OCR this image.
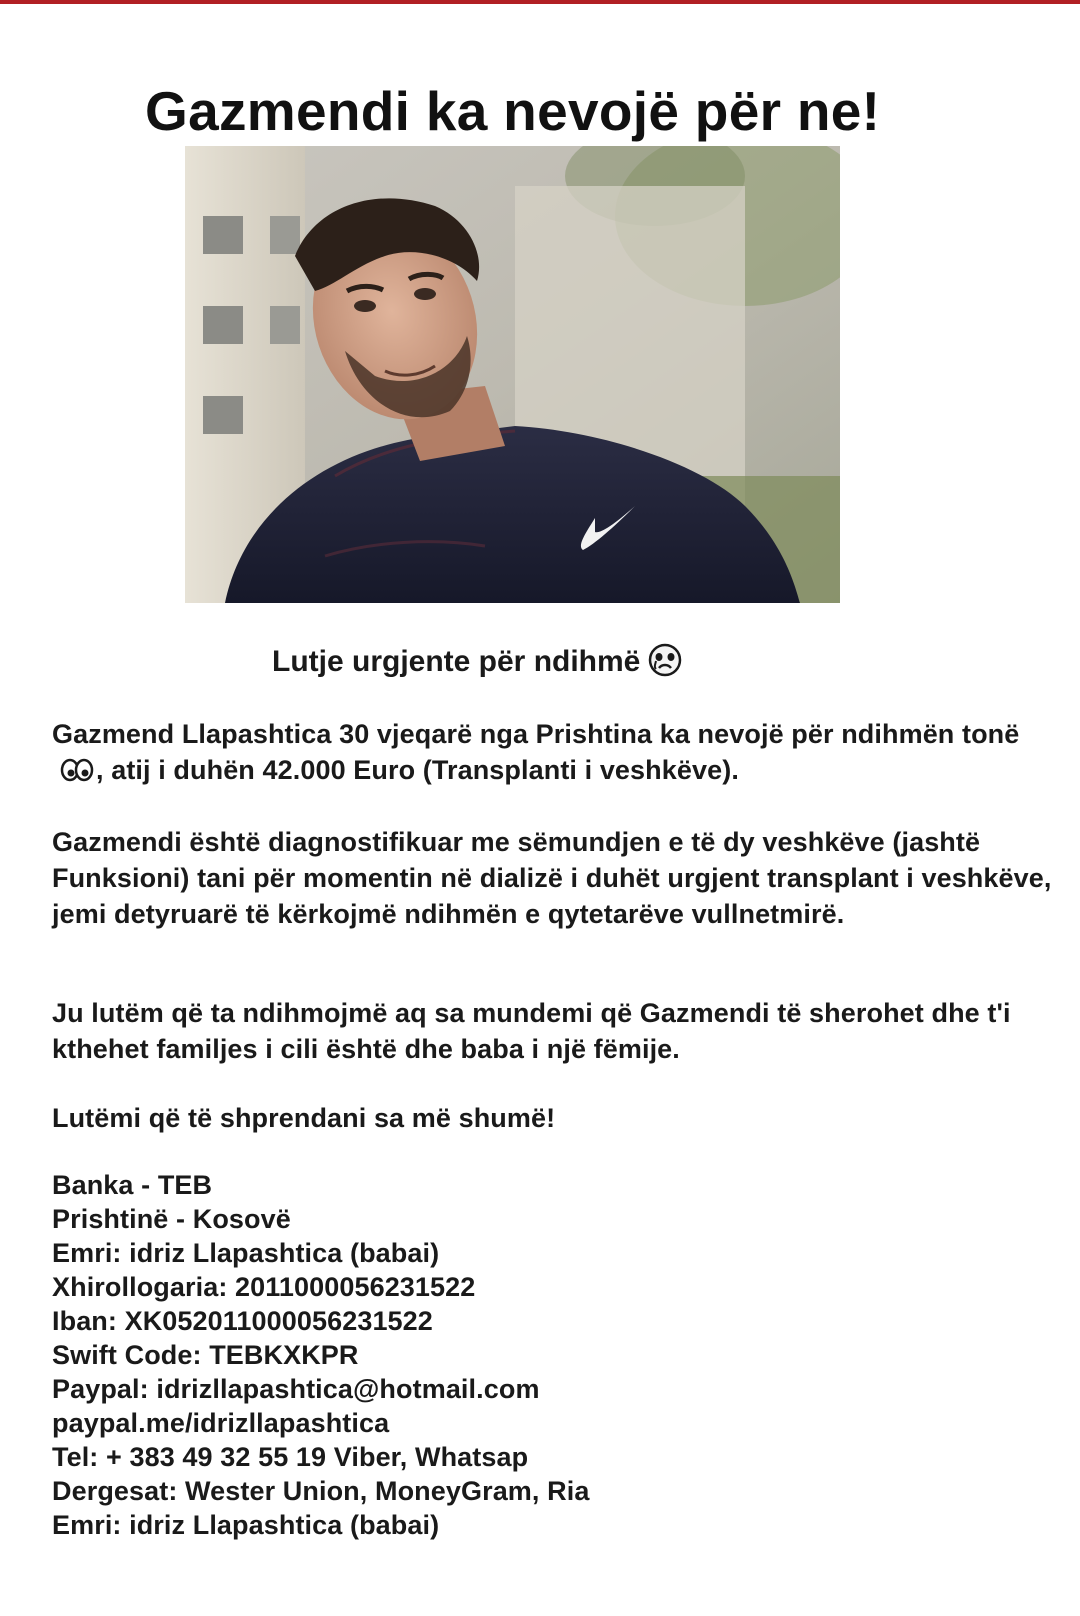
Gazmendi ka nevojë për ne!
Lutje urgjente për ndihmë
Gazmend Llapashtica 30 vjeqarë nga Prishtina ka nevojë për ndihmën tonë, atij i duhën 42.000 Euro (Transplanti i veshkëve).

Gazmendi është diagnostifikuar me sëmundjen e të dy veshkëve (jashtë Funksioni) tani për momentin në dializë i duhët urgjent transplant i veshkëve, jemi detyruarë të kërkojmë ndihmën e qytetarëve vullnetmirë.

Ju lutëm që ta ndihmojmë aq sa mundemi që Gazmendi të sherohet dhe t'i kthehet familjes i cili është dhe baba i një fëmije.

Lutëmi që të shprendani sa më shumë!

Banka - TEB
Prishtinë - Kosovë
Emri: idriz Llapashtica (babai)
Xhirollogaria: 2011000056231522
Iban: XK052011000056231522
Swift Code: TEBKXKPR
Paypal: idrizllapashtica@hotmail.com
paypal.me/idrizllapashtica
Tel: + 383 49 32 55 19 Viber, Whatsap
Dergesat: Wester Union, MoneyGram, Ria
Emri: idriz Llapashtica (babai)
